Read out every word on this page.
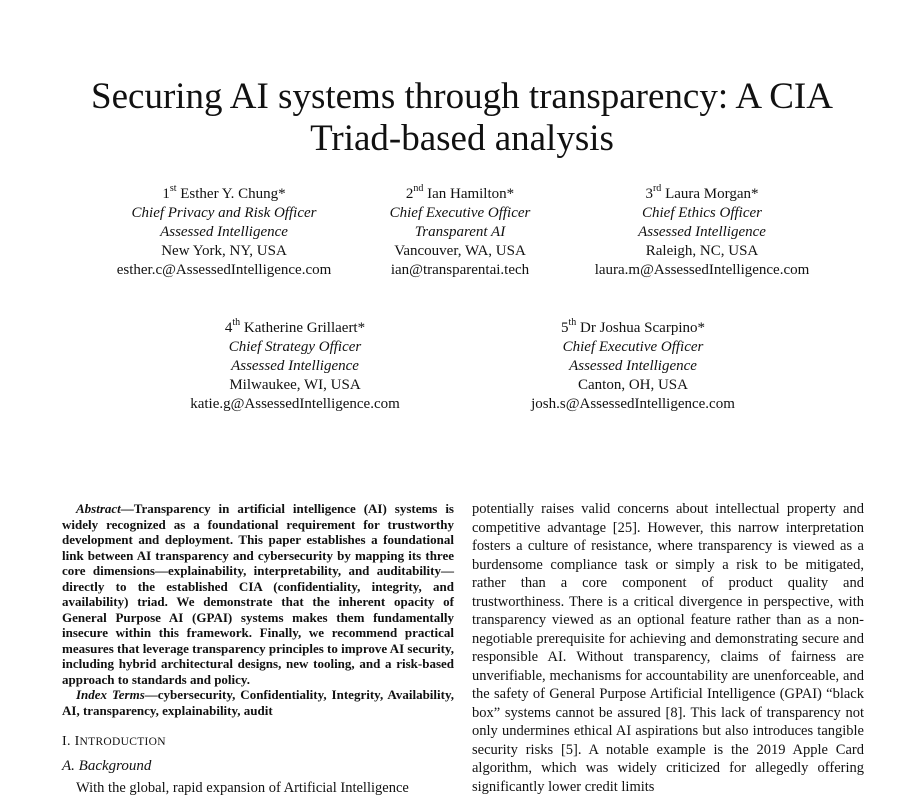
Securing AI systems through transparency: A CIA Triad-based analysis
1st Esther Y. Chung*
Chief Privacy and Risk Officer
Assessed Intelligence
New York, NY, USA
esther.c@AssessedIntelligence.com
2nd Ian Hamilton*
Chief Executive Officer
Transparent AI
Vancouver, WA, USA
ian@transparentai.tech
3rd Laura Morgan*
Chief Ethics Officer
Assessed Intelligence
Raleigh, NC, USA
laura.m@AssessedIntelligence.com
4th Katherine Grillaert*
Chief Strategy Officer
Assessed Intelligence
Milwaukee, WI, USA
katie.g@AssessedIntelligence.com
5th Dr Joshua Scarpino*
Chief Executive Officer
Assessed Intelligence
Canton, OH, USA
josh.s@AssessedIntelligence.com

Abstract—Transparency in artificial intelligence (AI) systems is widely recognized as a foundational requirement for trustworthy development and deployment. This paper establishes a foundational link between AI transparency and cybersecurity by mapping its three core dimensions—explainability, interpretability, and auditability—directly to the established CIA (confidentiality, integrity, and availability) triad. We demonstrate that the inherent opacity of General Purpose AI (GPAI) systems makes them fundamentally insecure within this framework. Finally, we recommend practical measures that leverage transparency principles to improve AI security, including hybrid architectural designs, new tooling, and a risk-based approach to standards and policy.

Index Terms—cybersecurity, Confidentiality, Integrity, Availability, AI, transparency, explainability, audit

I. INTRODUCTION
A. Background

With the global, rapid expansion of Artificial Intelligence

potentially raises valid concerns about intellectual property and competitive advantage [25]. However, this narrow interpretation fosters a culture of resistance, where transparency is viewed as a burdensome compliance task or simply a risk to be mitigated, rather than a core component of product quality and trustworthiness. There is a critical divergence in perspective, with transparency viewed as an optional feature rather than as a non-negotiable prerequisite for achieving and demonstrating secure and responsible AI. Without transparency, claims of fairness are unverifiable, mechanisms for accountability are unenforceable, and the safety of General Purpose Artificial Intelligence (GPAI) “black box” systems cannot be assured [8]. This lack of transparency not only undermines ethical AI aspirations but also introduces tangible security risks [5]. A notable example is the 2019 Apple Card algorithm, which was widely criticized for allegedly offering significantly lower credit limits
